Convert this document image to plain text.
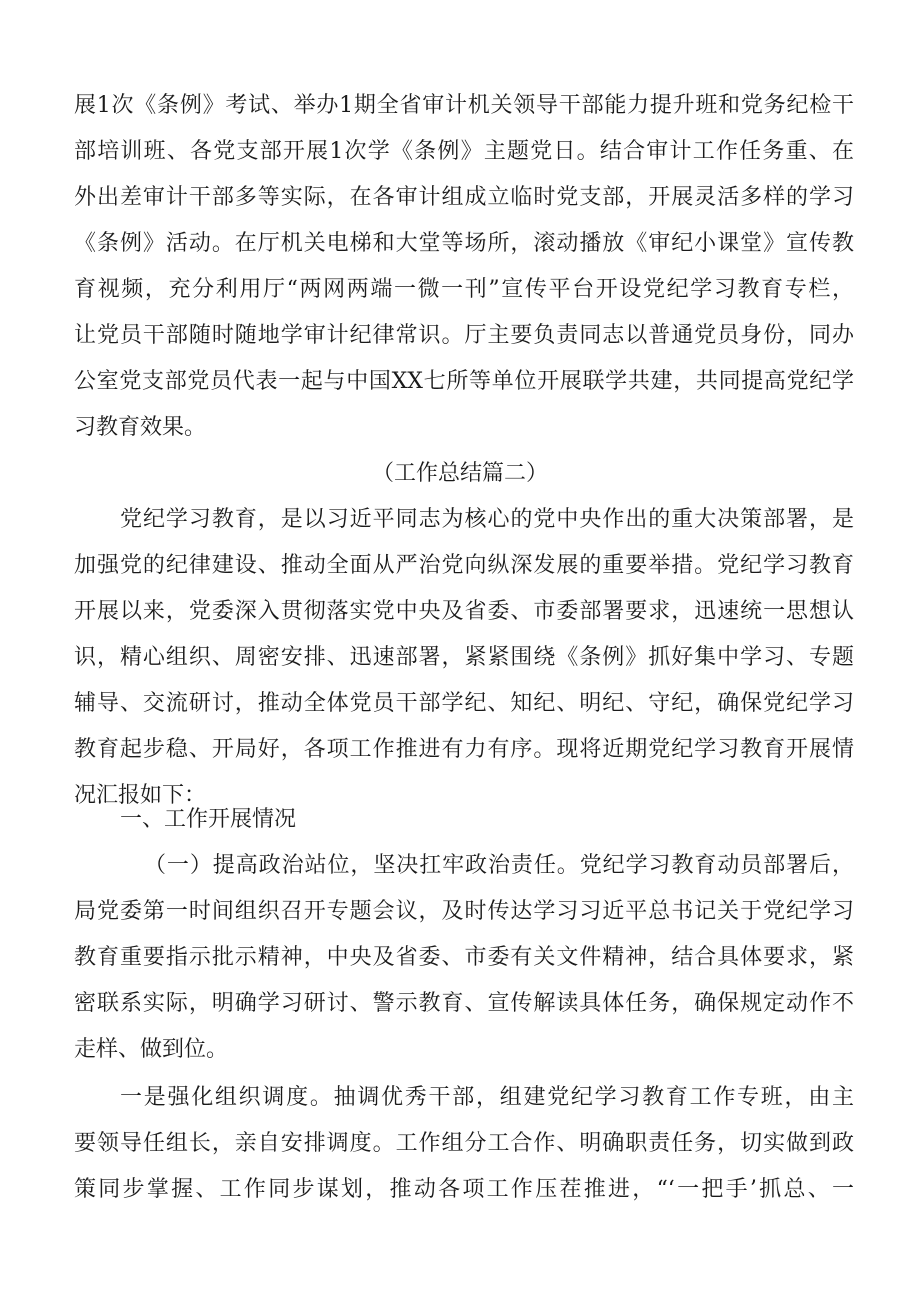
展1次《条例》考试、举办1期全省审计机关领导干部能力提升班和党务纪检干
部培训班、各党支部开展1次学《条例》主题党日。结合审计工作任务重、在
外出差审计干部多等实际，在各审计组成立临时党支部，开展灵活多样的学习
《条例》活动。在厅机关电梯和大堂等场所，滚动播放《审纪小课堂》宣传教
育视频，充分利用厅“两网两端一微一刊”宣传平台开设党纪学习教育专栏，
让党员干部随时随地学审计纪律常识。厅主要负责同志以普通党员身份，同办
公室党支部党员代表一起与中国XX七所等单位开展联学共建，共同提高党纪学
习教育效果。
（工作总结篇二）
党纪学习教育，是以习近平同志为核心的党中央作出的重大决策部署，是
加强党的纪律建设、推动全面从严治党向纵深发展的重要举措。党纪学习教育
开展以来，党委深入贯彻落实党中央及省委、市委部署要求，迅速统一思想认
识，精心组织、周密安排、迅速部署，紧紧围绕《条例》抓好集中学习、专题
辅导、交流研讨，推动全体党员干部学纪、知纪、明纪、守纪，确保党纪学习
教育起步稳、开局好，各项工作推进有力有序。现将近期党纪学习教育开展情
况汇报如下：
一、工作开展情况
（一）提高政治站位，坚决扛牢政治责任。党纪学习教育动员部署后，
局党委第一时间组织召开专题会议，及时传达学习习近平总书记关于党纪学习
教育重要指示批示精神，中央及省委、市委有关文件精神，结合具体要求，紧
密联系实际，明确学习研讨、警示教育、宣传解读具体任务，确保规定动作不
走样、做到位。
一是强化组织调度。抽调优秀干部，组建党纪学习教育工作专班，由主
要领导任组长，亲自安排调度。工作组分工合作、明确职责任务，切实做到政
策同步掌握、工作同步谋划，推动各项工作压茬推进，“‘一把手’抓总、一
